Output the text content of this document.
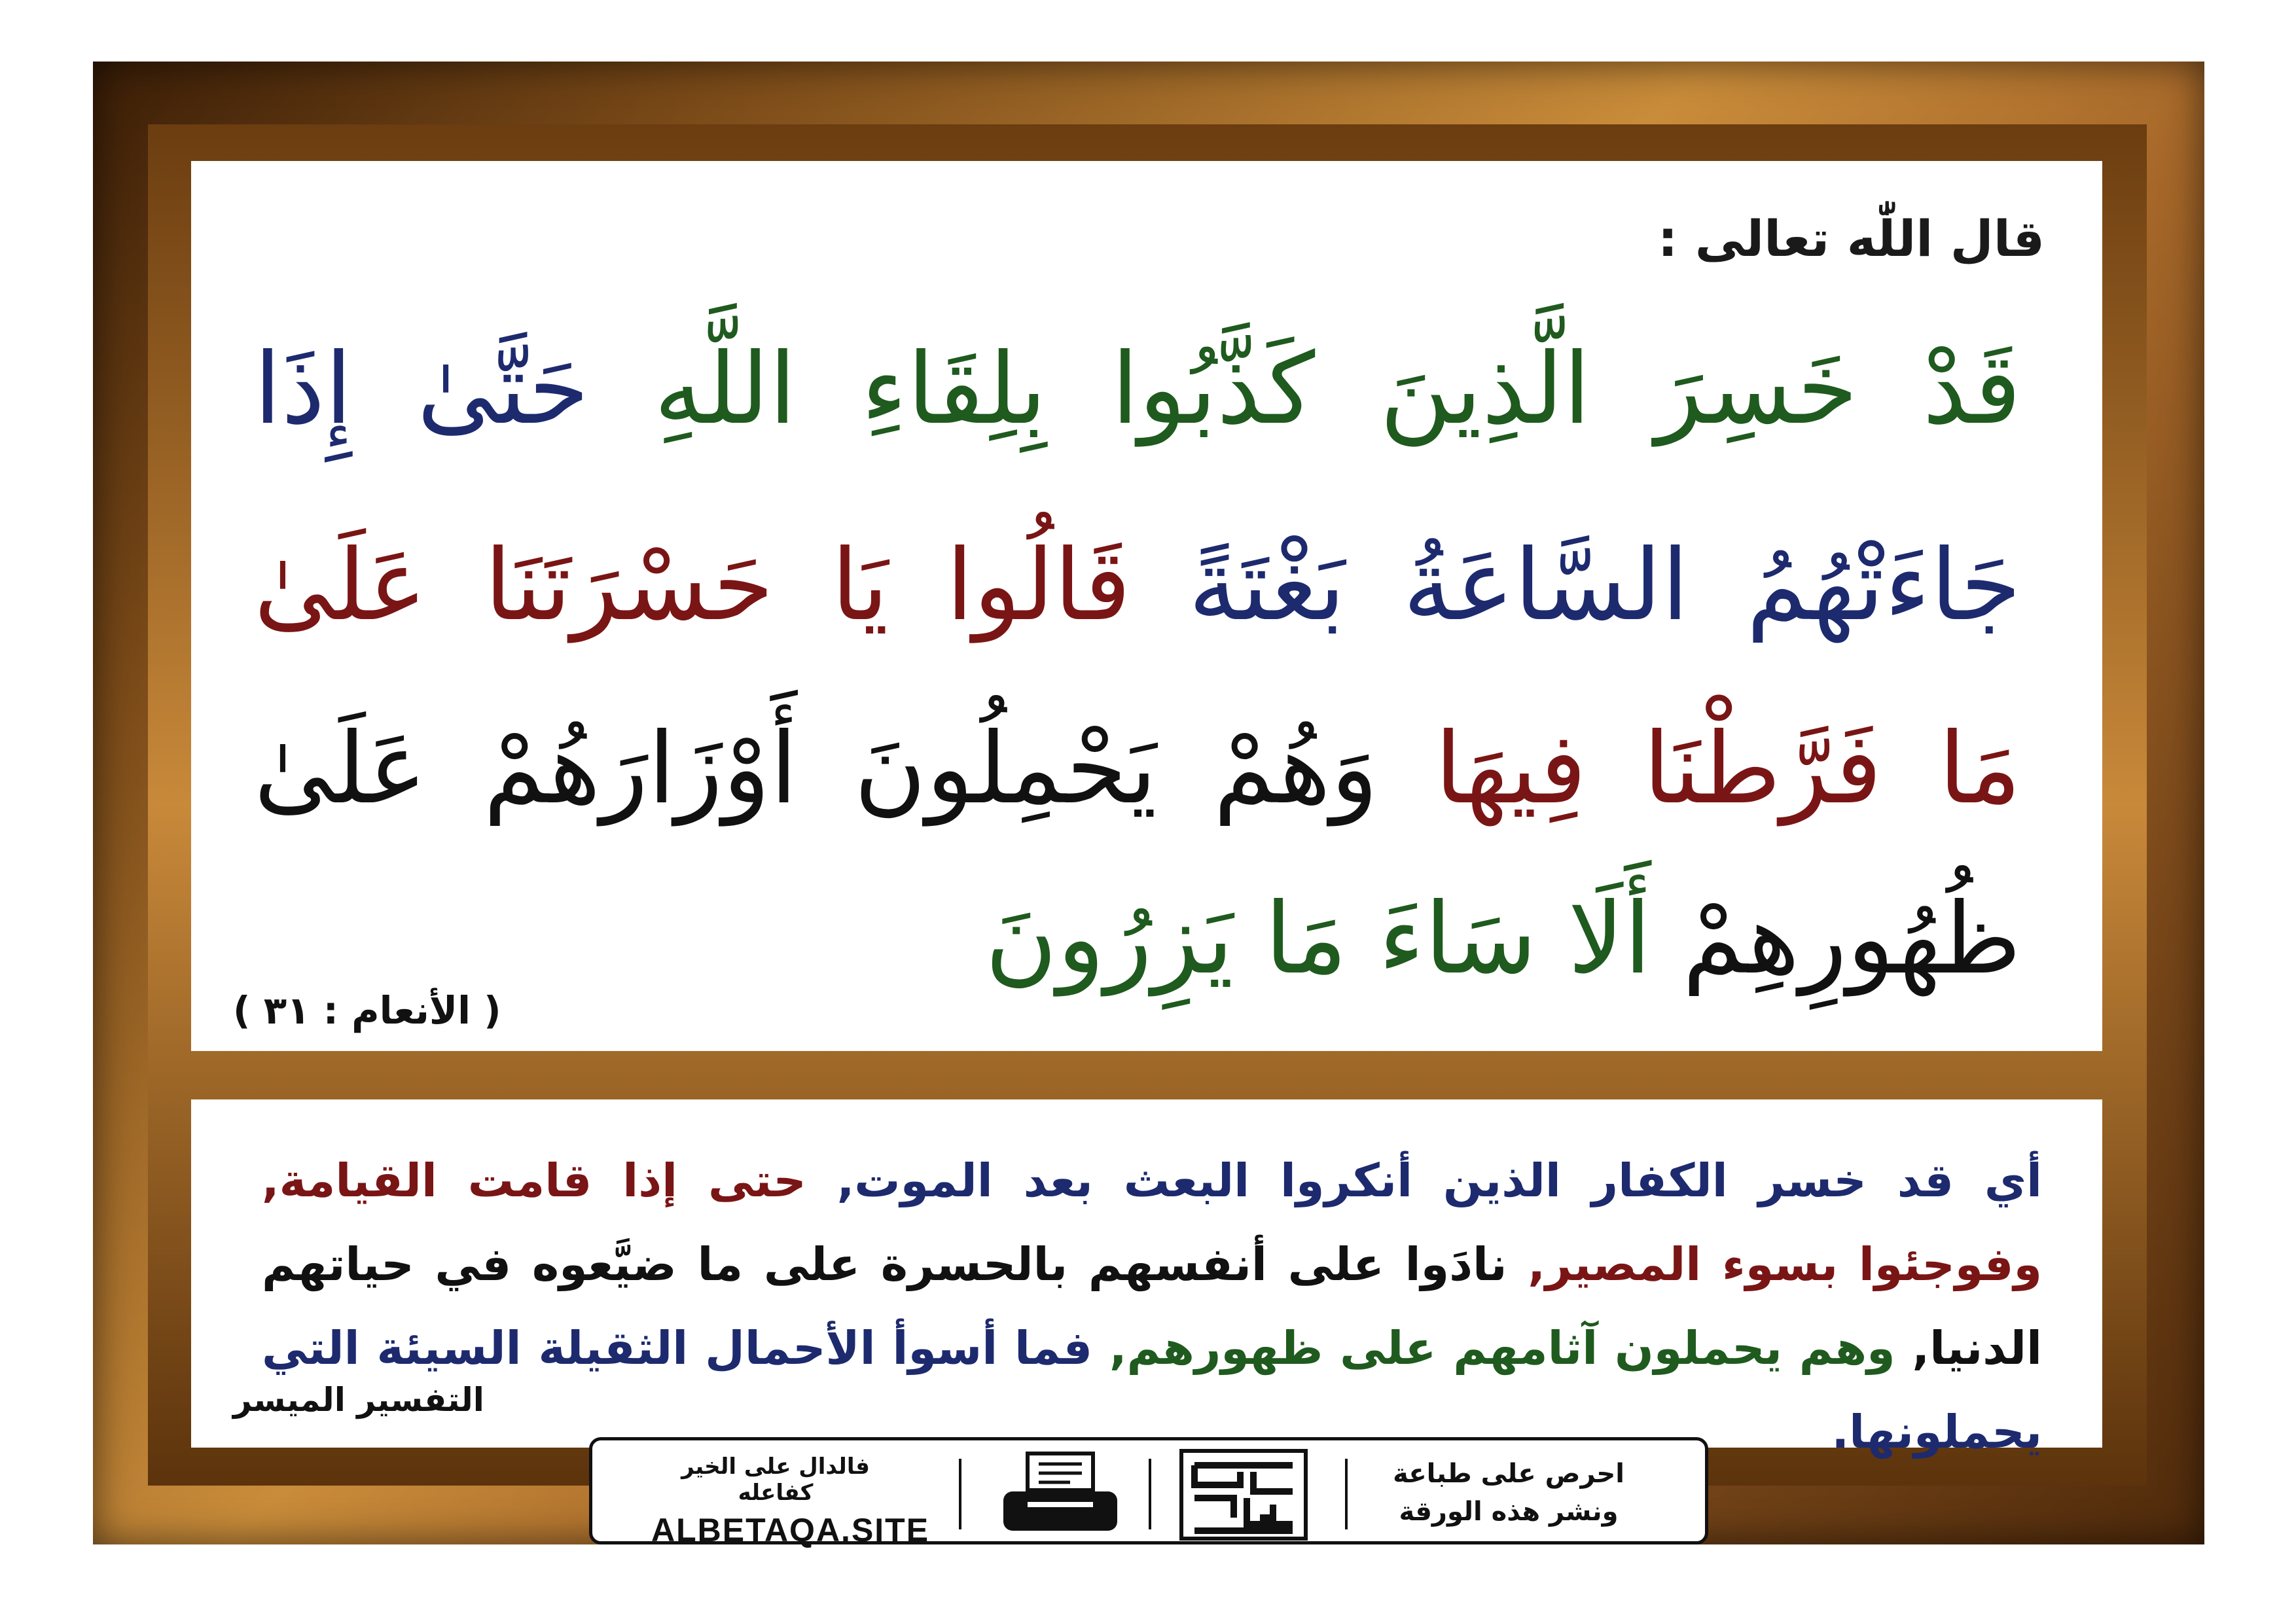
قال اللّٰه تعالى :
قَدْ خَسِرَ الَّذِينَ كَذَّبُوا بِلِقَاءِ اللَّهِ حَتَّىٰ إِذَا
جَاءَتْهُمُ السَّاعَةُ بَغْتَةً قَالُوا يَا حَسْرَتَنَا عَلَىٰ
مَا فَرَّطْنَا فِيهَا وَهُمْ يَحْمِلُونَ أَوْزَارَهُمْ عَلَىٰ
ظُهُورِهِمْ أَلَا سَاءَ مَا يَزِرُونَ
( الأنعام : ٣١ )
أي قد خسر الكفار الذين أنكروا البعث بعد الموت, حتى إذا قامت القيامة, وفوجئوا بسوء المصير, نادَوا على أنفسهم بالحسرة على ما ضيَّعوه في حياتهم الدنيا, وهم يحملون آثامهم على ظهورهم, فما أسوأ الأحمال الثقيلة السيئة التي يحملونها.
التفسير الميسر
فالدال على الخير كفاعله
ALBETAQA.SITE
احرص على طباعة
ونشر هذه الورقة
